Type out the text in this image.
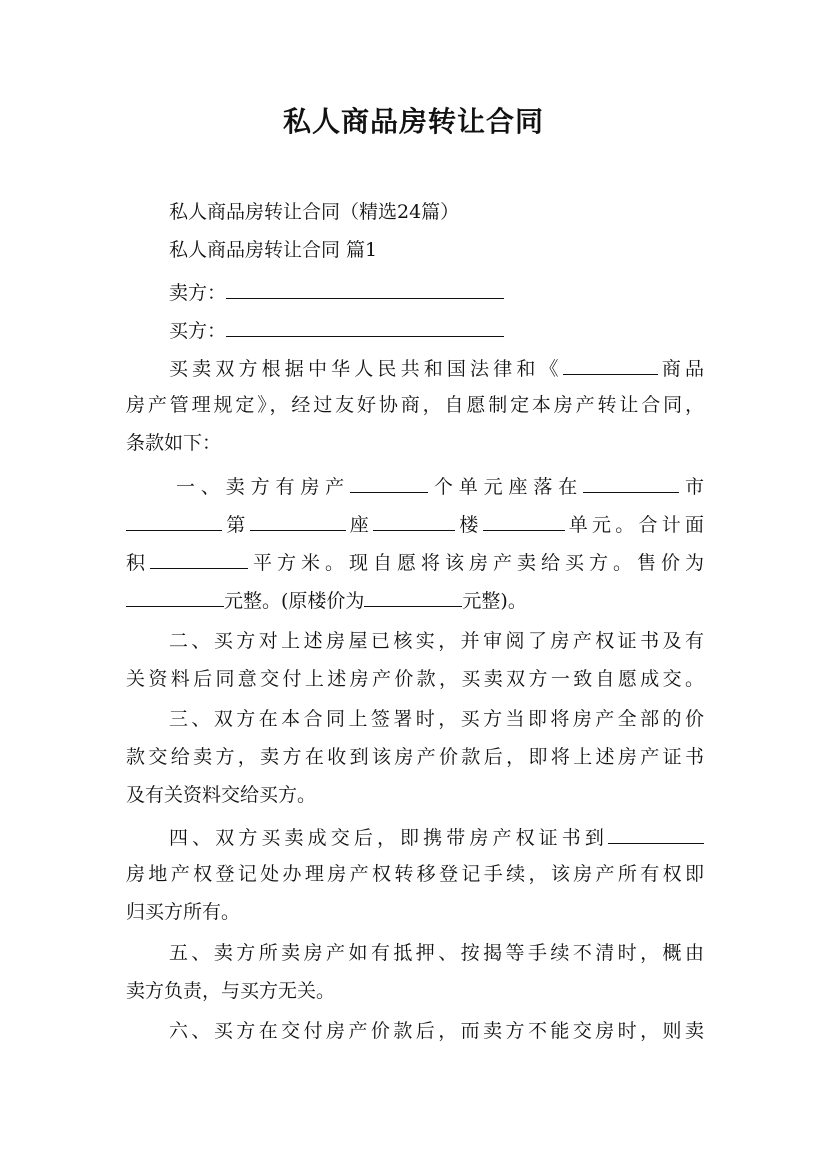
私人商品房转让合同
私人商品房转让合同（精选24篇）
私人商品房转让合同 篇1
卖方：
买方：
买卖双方根据中华人民共和国法律和《	商品
房产管理规定》，经过友好协商，自愿制定本房产转让合同，
条款如下：
一、卖方有房产	个单元座落在	市
第	座	楼	单元。合计面
积	平方米。现自愿将该房产卖给买方。售价为
元整。(原楼价为	元整)。
二、买方对上述房屋已核实，并审阅了房产权证书及有
关资料后同意交付上述房产价款，买卖双方一致自愿成交。
三、双方在本合同上签署时，买方当即将房产全部的价
款交给卖方，卖方在收到该房产价款后，即将上述房产证书
及有关资料交给买方。
四、双方买卖成交后，即携带房产权证书到
房地产权登记处办理房产权转移登记手续，该房产所有权即
归买方所有。
五、卖方所卖房产如有抵押、按揭等手续不清时，概由
卖方负责，与买方无关。
六、买方在交付房产价款后，而卖方不能交房时，则卖
